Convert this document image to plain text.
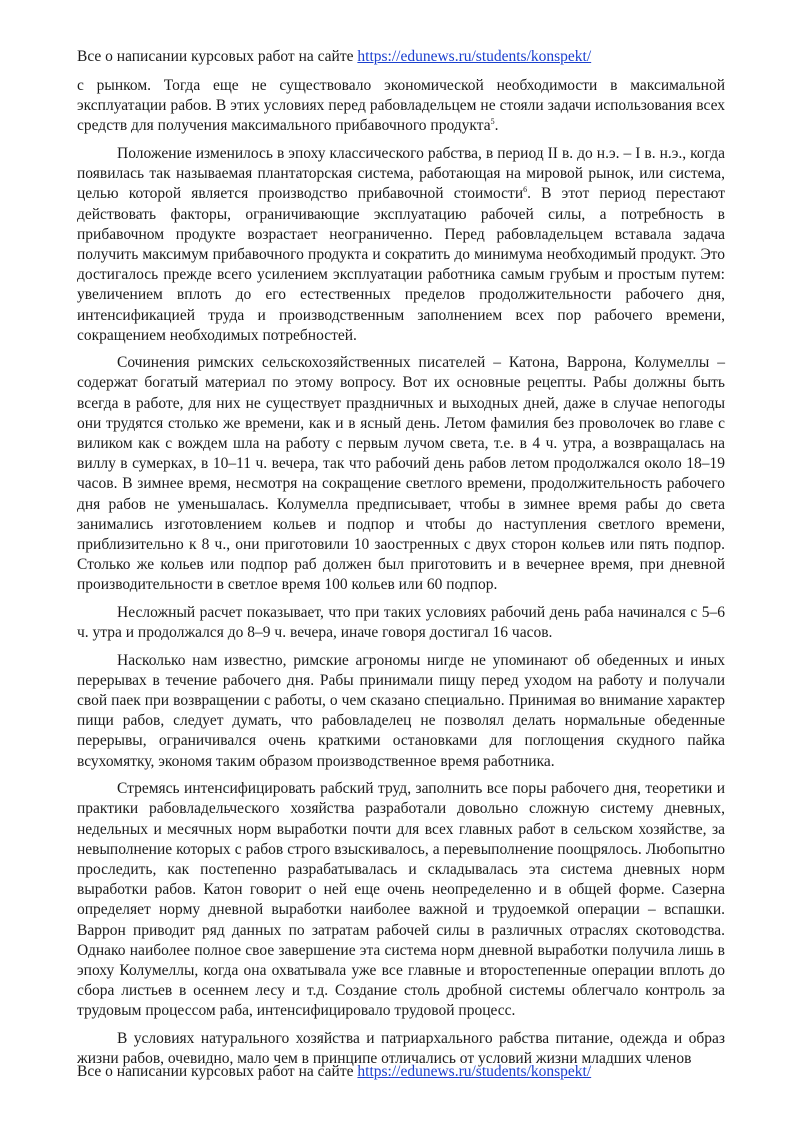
Все о написании курсовых работ на сайте https://edunews.ru/students/konspekt/

с рынком. Тогда еще не существовало экономической необходимости в максимальной эксплуатации рабов. В этих условиях перед рабовладельцем не стояли задачи использования всех средств для получения максимального прибавочного продукта$^5$.

Положение изменилось в эпоху классического рабства, в период II в. до н.э. – I в. н.э., когда появилась так называемая плантаторская система, работающая на мировой рынок, или система, целью которой является производство прибавочной стоимости$^6$. В этот период перестают действовать факторы, ограничивающие эксплуатацию рабочей силы, а потребность в прибавочном продукте возрастает неограниченно. Перед рабовладельцем вставала задача получить максимум прибавочного продукта и сократить до минимума необходимый продукт. Это достигалось прежде всего усилением эксплуатации работника самым грубым и простым путем: увеличением вплоть до его естественных пределов продолжительности рабочего дня, интенсификацией труда и производственным заполнением всех пор рабочего времени, сокращением необходимых потребностей.

Сочинения римских сельскохозяйственных писателей – Катона, Варрона, Колумеллы – содержат богатый материал по этому вопросу. Вот их основные рецепты. Рабы должны быть всегда в работе, для них не существует праздничных и выходных дней, даже в случае непогоды они трудятся столько же времени, как и в ясный день. Летом фамилия без проволочек во главе с виликом как с вождем шла на работу с первым лучом света, т.е. в 4 ч. утра, а возвращалась на виллу в сумерках, в 10–11 ч. вечера, так что рабочий день рабов летом продолжался около 18–19 часов. В зимнее время, несмотря на сокращение светлого времени, продолжительность рабочего дня рабов не уменьшалась. Колумелла предписывает, чтобы в зимнее время рабы до света занимались изготовлением кольев и подпор и чтобы до наступления светлого времени, приблизительно к 8 ч., они приготовили 10 заостренных с двух сторон кольев или пять подпор. Столько же кольев или подпор раб должен был приготовить и в вечернее время, при дневной производительности в светлое время 100 кольев или 60 подпор.

Несложный расчет показывает, что при таких условиях рабочий день раба начинался с 5–6 ч. утра и продолжался до 8–9 ч. вечера, иначе говоря достигал 16 часов.

Насколько нам известно, римские агрономы нигде не упоминают об обеденных и иных перерывах в течение рабочего дня. Рабы принимали пищу перед уходом на работу и получали свой паек при возвращении с работы, о чем сказано специально. Принимая во внимание характер пищи рабов, следует думать, что рабовладелец не позволял делать нормальные обеденные перерывы, ограничивался очень краткими остановками для поглощения скудного пайка всухомятку, экономя таким образом производственное время работника.

Стремясь интенсифицировать рабский труд, заполнить все поры рабочего дня, теоретики и практики рабовладельческого хозяйства разработали довольно сложную систему дневных, недельных и месячных норм выработки почти для всех главных работ в сельском хозяйстве, за невыполнение которых с рабов строго взыскивалось, а перевыполнение поощрялось. Любопытно проследить, как постепенно разрабатывалась и складывалась эта система дневных норм выработки рабов. Катон говорит о ней еще очень неопределенно и в общей форме. Сазерна определяет норму дневной выработки наиболее важной и трудоемкой операции – вспашки. Варрон приводит ряд данных по затратам рабочей силы в различных отраслях скотоводства. Однако наиболее полное свое завершение эта система норм дневной выработки получила лишь в эпоху Колумеллы, когда она охватывала уже все главные и второстепенные операции вплоть до сбора листьев в осеннем лесу и т.д. Создание столь дробной системы облегчало контроль за трудовым процессом раба, интенсифицировало трудовой процесс.

В условиях натурального хозяйства и патриархального рабства питание, одежда и образ жизни рабов, очевидно, мало чем в принципе отличались от условий жизни младших членов

Все о написании курсовых работ на сайте https://edunews.ru/students/konspekt/
